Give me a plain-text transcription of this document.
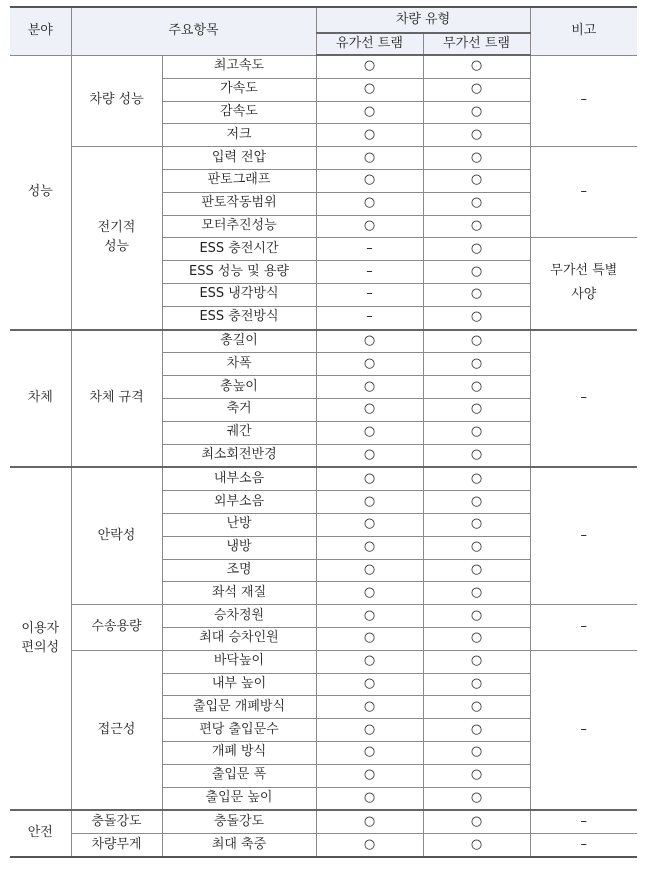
분야	주요항목		차량 유형		비고
			유가선 트램	무가선 트램	
성능	차량 성능	최고속도	○	○	–
		가속도	○	○	
		감속도	○	○	
		저크	○	○	
	전기적 성능	입력 전압	○	○	–
		판토그래프	○	○	
		판토작동범위	○	○	
		모터추진성능	○	○	
		ESS 충전시간	–	○	무가선 특별사양
		ESS 성능 및 용량	–	○	
		ESS 냉각방식	–	○	
		ESS 충전방식	–	○	
차체	차체 규격	총길이	○	○	–
		차폭	○	○	
		총높이	○	○	
		축거	○	○	
		궤간	○	○	
		최소회전반경	○	○	
이용자 편의성	안락성	내부소음	○	○	–
		외부소음	○	○	
		난방	○	○	
		냉방	○	○	
		조명	○	○	
		좌석 재질	○	○	
	수송용량	승차정원	○	○	–
		최대 승차인원	○	○	
	접근성	바닥높이	○	○	–
		내부 높이	○	○	
		출입문 개폐방식	○	○	
		편당 출입문수	○	○	
		개폐 방식	○	○	
		출입문 폭	○	○	
		출입문 높이	○	○	
안전	충돌강도	충돌강도	○	○	–
	차량무게	최대 축중	○	○	–
